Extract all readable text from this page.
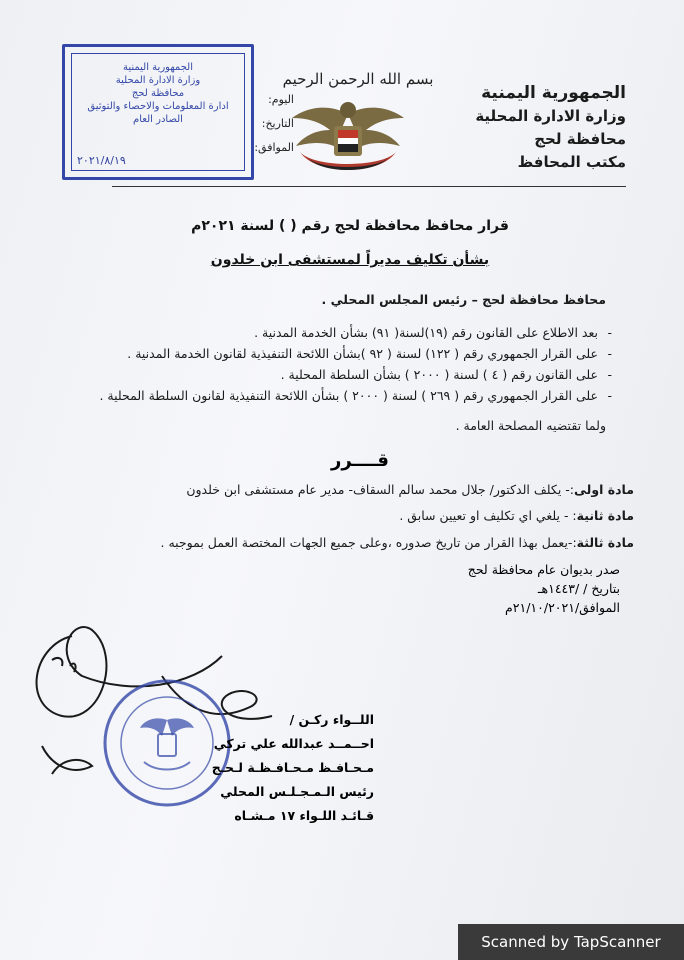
الجمهورية اليمنية
وزارة الادارة المحلية
محافظة لحج
مكتب المحافظ
بسم الله الرحمن الرحيم
اليوم:
التاريخ:
الموافق:
الجمهورية اليمنية
وزارة الادارة المحلية
محافظة لحج
ادارة المعلومات والاحصاء والتوثيق
الصادر العام
٢٠٢١/٨/١٩
قرار محافظ محافظة لحج رقم ( ) لسنة ٢٠٢١م
بشأن تكليف مديراً لمستشفى ابن خلدون
محافظ محافظة لحج – رئيس المجلس المحلي .
- بعد الاطلاع على القانون رقم (١٩)لسنة( ٩١) بشأن الخدمة المدنية .
- على القرار الجمهوري رقم ( ١٢٢) لسنة ( ٩٢ )بشأن اللائحة التنفيذية لقانون الخدمة المدنية .
- على القانون رقم ( ٤ ) لسنة ( ٢٠٠٠ ) بشأن السلطة المحلية .
- على القرار الجمهوري رقم ( ٢٦٩ ) لسنة ( ٢٠٠٠ ) بشأن اللائحة التنفيذية لقانون السلطة المحلية .
ولما تقتضيه المصلحة العامة .
قــــرر
مادة اولى:- يكلف الدكتور/ جلال محمد سالم السقاف- مدير عام مستشفى ابن خلدون
مادة ثانية: - يلغي اي تكليف او تعيين سابق .
مادة ثالثة:-يعمل بهذا القرار من تاريخ صدوره ،وعلى جميع الجهات المختصة العمل بموجبه .
صدر بديوان عام محافظة لحج
بتاريخ / /١٤٤٣هـ
الموافق/٢١/١٠/٢٠٢١م
اللــواء ركـن /
احــمــد عبدالله علي تركي
مـحـافـظ مـحـافـظـة لـحـج
رئيس الـمـجـلـس المحلي
قـائـد اللـواء ١٧ مـشـاه
Scanned by TapScanner
